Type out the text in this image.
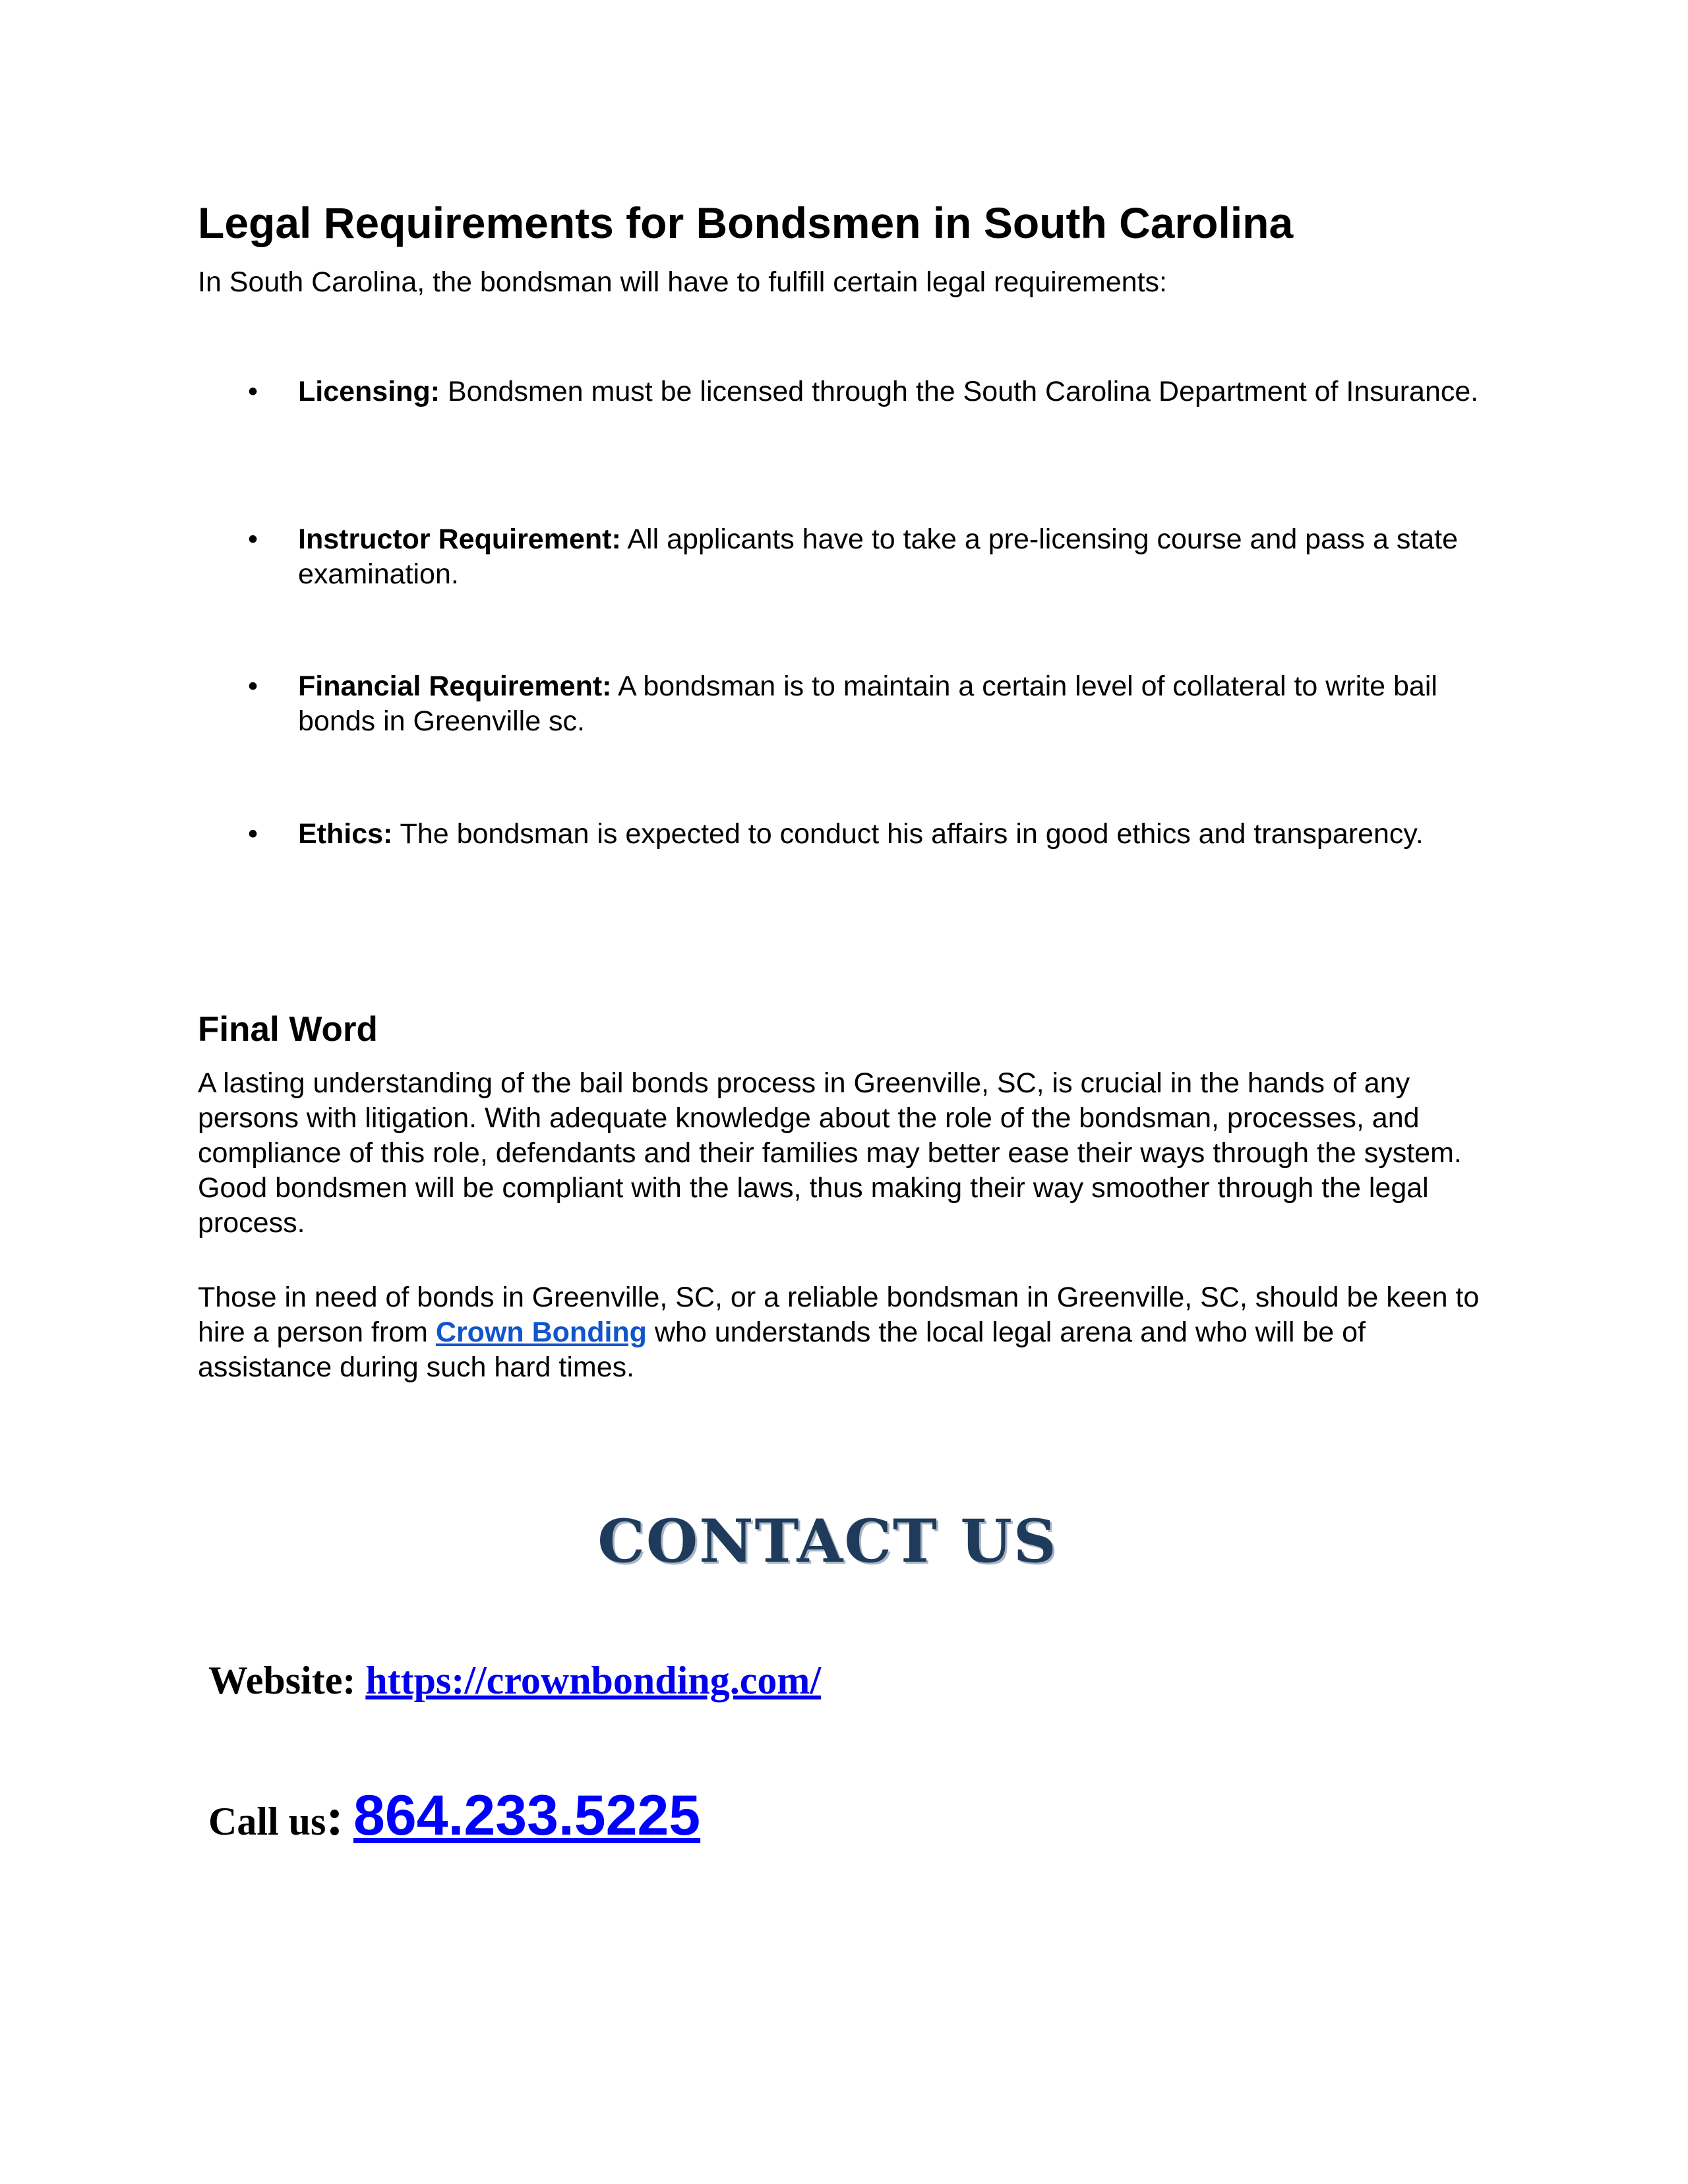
Legal Requirements for Bondsmen in South Carolina
In South Carolina, the bondsman will have to fulfill certain legal requirements:
• Licensing: Bondsmen must be licensed through the South Carolina Department of Insurance.
• Instructor Requirement: All applicants have to take a pre-licensing course and pass a state examination.
• Financial Requirement: A bondsman is to maintain a certain level of collateral to write bail bonds in Greenville sc.
• Ethics: The bondsman is expected to conduct his affairs in good ethics and transparency.
Final Word
A lasting understanding of the bail bonds process in Greenville, SC, is crucial in the hands of any persons with litigation. With adequate knowledge about the role of the bondsman, processes, and compliance of this role, defendants and their families may better ease their ways through the system. Good bondsmen will be compliant with the laws, thus making their way smoother through the legal process.
Those in need of bonds in Greenville, SC, or a reliable bondsman in Greenville, SC, should be keen to hire a person from Crown Bonding who understands the local legal arena and who will be of assistance during such hard times.
CONTACT US
Website: https://crownbonding.com/
Call us: 864.233.5225
